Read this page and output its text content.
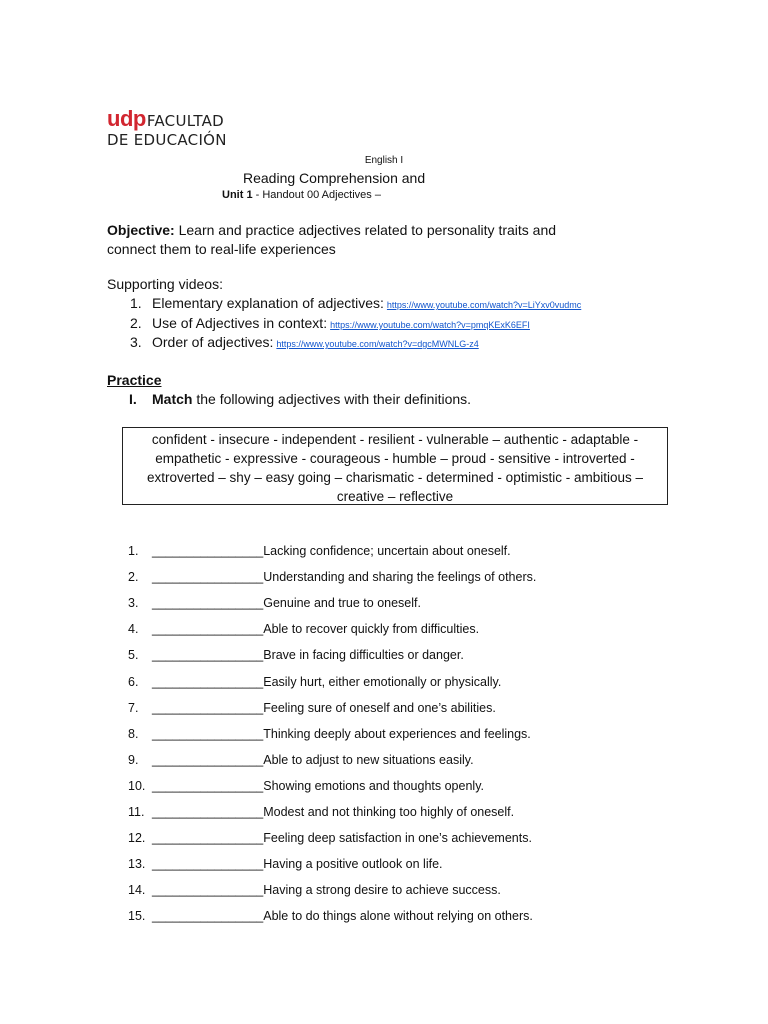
udp FACULTAD
DE EDUCACIÓN
English I
Reading Comprehension and
Unit 1 - Handout 00 Adjectives –
Objective: Learn and practice adjectives related to personality traits and connect them to real-life experiences
Supporting videos:
1. Elementary explanation of adjectives: https://www.youtube.com/watch?v=LiYxv0vudmc
2. Use of Adjectives in context: https://www.youtube.com/watch?v=pmqKExK6EFI
3. Order of adjectives: https://www.youtube.com/watch?v=dgcMWNLG-z4
Practice
I. Match the following adjectives with their definitions.
confident - insecure - independent - resilient - vulnerable – authentic - adaptable - empathetic - expressive - courageous - humble – proud - sensitive - introverted - extroverted – shy – easy going – charismatic - determined - optimistic - ambitious – creative – reflective
1. ________________Lacking confidence; uncertain about oneself.
2. ________________Understanding and sharing the feelings of others.
3. ________________Genuine and true to oneself.
4. ________________Able to recover quickly from difficulties.
5. ________________Brave in facing difficulties or danger.
6. ________________Easily hurt, either emotionally or physically.
7. ________________Feeling sure of oneself and one’s abilities.
8. ________________Thinking deeply about experiences and feelings.
9. ________________Able to adjust to new situations easily.
10. ________________Showing emotions and thoughts openly.
11. ________________Modest and not thinking too highly of oneself.
12. ________________Feeling deep satisfaction in one’s achievements.
13. ________________Having a positive outlook on life.
14. ________________Having a strong desire to achieve success.
15. ________________Able to do things alone without relying on others.
